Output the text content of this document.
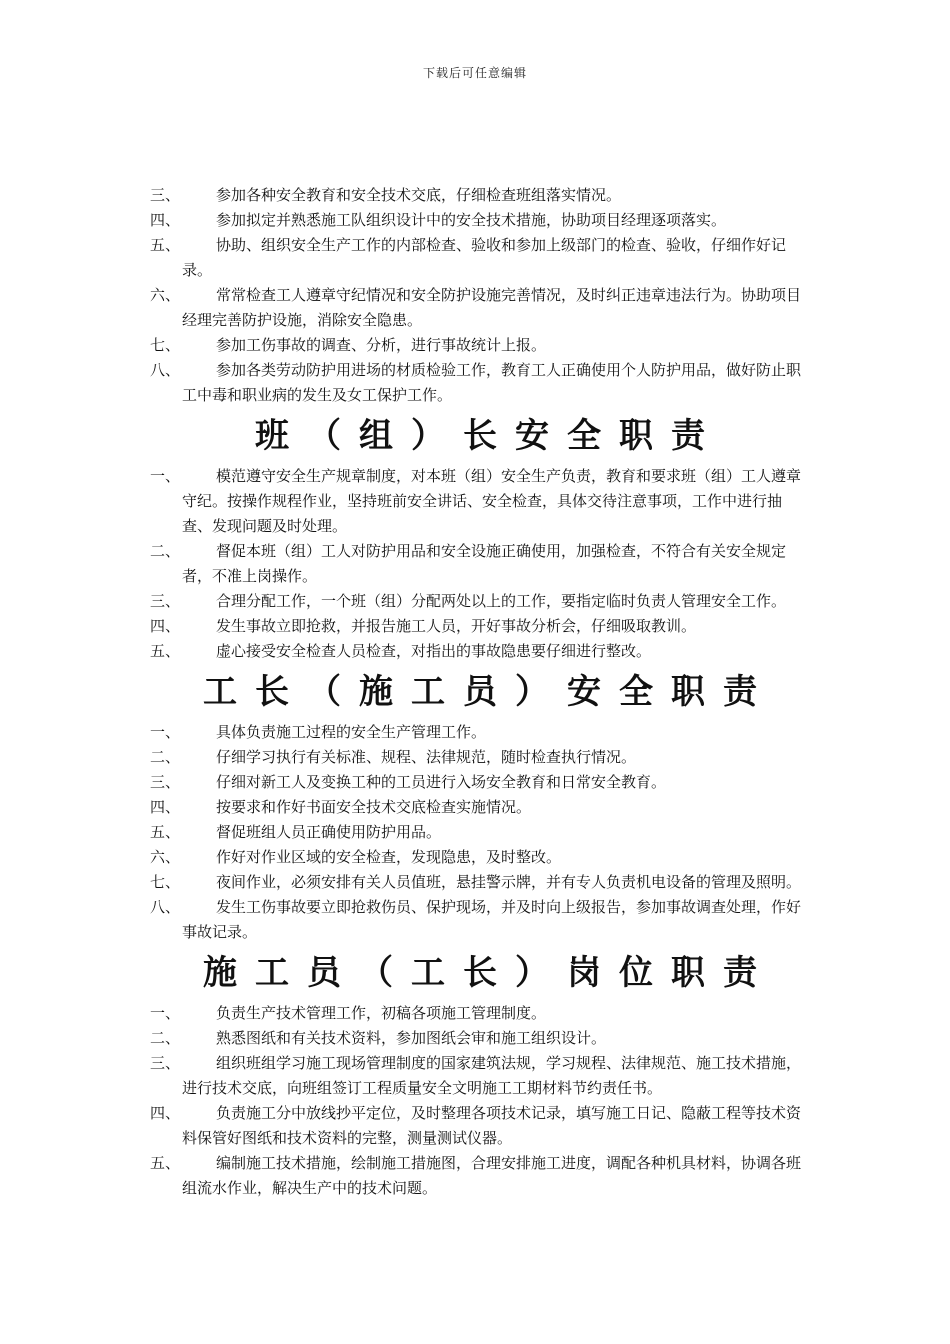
下载后可任意编辑
三、	参加各种安全教育和安全技术交底，仔细检查班组落实情况。
四、	参加拟定并熟悉施工队组织设计中的安全技术措施，协助项目经理逐项落实。
五、	协助、组织安全生产工作的内部检查、验收和参加上级部门的检查、验收，仔细作好记录。
六、	常常检查工人遵章守纪情况和安全防护设施完善情况，及时纠正违章违法行为。协助项目经理完善防护设施，消除安全隐患。
七、	参加工伤事故的调查、分析，进行事故统计上报。
八、	参加各类劳动防护用进场的材质检验工作，教育工人正确使用个人防护用品，做好防止职工中毒和职业病的发生及女工保护工作。
班（组）长安全职责
一、	模范遵守安全生产规章制度，对本班（组）安全生产负责，教育和要求班（组）工人遵章守纪。按操作规程作业，坚持班前安全讲话、安全检查，具体交待注意事项，工作中进行抽查、发现问题及时处理。
二、	督促本班（组）工人对防护用品和安全设施正确使用，加强检查，不符合有关安全规定者，不准上岗操作。
三、	合理分配工作，一个班（组）分配两处以上的工作，要指定临时负责人管理安全工作。
四、	发生事故立即抢救，并报告施工人员，开好事故分析会，仔细吸取教训。
五、	虚心接受安全检查人员检查，对指出的事故隐患要仔细进行整改。
工长（施工员）安全职责
一、	具体负责施工过程的安全生产管理工作。
二、	仔细学习执行有关标准、规程、法律规范，随时检查执行情况。
三、	仔细对新工人及变换工种的工员进行入场安全教育和日常安全教育。
四、	按要求和作好书面安全技术交底检查实施情况。
五、	督促班组人员正确使用防护用品。
六、	作好对作业区域的安全检查，发现隐患，及时整改。
七、	夜间作业，必须安排有关人员值班，悬挂警示牌，并有专人负责机电设备的管理及照明。
八、	发生工伤事故要立即抢救伤员、保护现场，并及时向上级报告，参加事故调查处理，作好事故记录。
施工员（工长）岗位职责
一、	负责生产技术管理工作，初稿各项施工管理制度。
二、	熟悉图纸和有关技术资料，参加图纸会审和施工组织设计。
三、	组织班组学习施工现场管理制度的国家建筑法规，学习规程、法律规范、施工技术措施，进行技术交底，向班组签订工程质量安全文明施工工期材料节约责任书。
四、	负责施工分中放线抄平定位，及时整理各项技术记录，填写施工日记、隐蔽工程等技术资料保管好图纸和技术资料的完整，测量测试仪器。
五、	编制施工技术措施，绘制施工措施图，合理安排施工进度，调配各种机具材料，协调各班组流水作业，解决生产中的技术问题。
